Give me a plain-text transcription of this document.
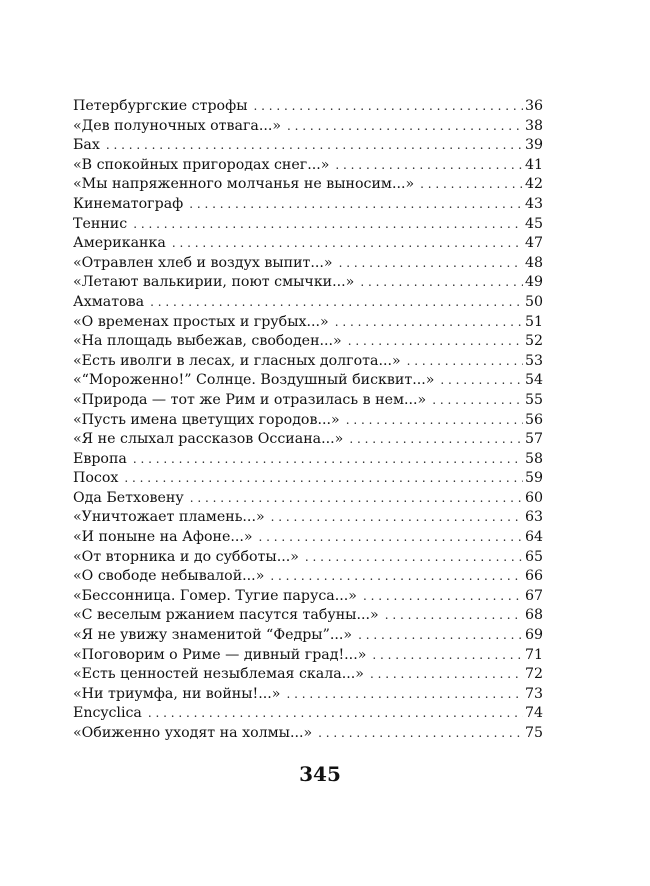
Петербургские строфы . . .	36
«Дев полуночных отвага...» . . .	38
Бах . . .	39
«В спокойных пригородах снег...» . . .	41
«Мы напряженного молчанья не выносим...» . . .	42
Кинематограф . . .	43
Теннис . . .	45
Американка . . .	47
«Отравлен хлеб и воздух выпит...» . . .	48
«Летают валькирии, поют смычки...» . . .	49
Ахматова . . .	50
«О временах простых и грубых...» . . .	51
«На площадь выбежав, свободен...» . . .	52
«Есть иволги в лесах, и гласных долгота...» . . .	53
«“Мороженно!” Солнце. Воздушный бисквит...» . . .	54
«Природа — тот же Рим и отразилась в нем...» . . .	55
«Пусть имена цветущих городов...» . . .	56
«Я не слыхал рассказов Оссиана...» . . .	57
Европа . . .	58
Посох . . .	59
Ода Бетховену . . .	60
«Уничтожает пламень...» . . .	63
«И поныне на Афоне...» . . .	64
«От вторника и до субботы...» . . .	65
«О свободе небывалой...» . . .	66
«Бессонница. Гомер. Тугие паруса...» . . .	67
«С веселым ржанием пасутся табуны...» . . .	68
«Я не увижу знаменитой “Федры”...» . . .	69
«Поговорим о Риме — дивный град!...» . . .	71
«Есть ценностей незыблемая скала...» . . .	72
«Ни триумфа, ни войны!...» . . .	73
Encyclica . . .	74
«Обиженно уходят на холмы...» . . .	75
345
